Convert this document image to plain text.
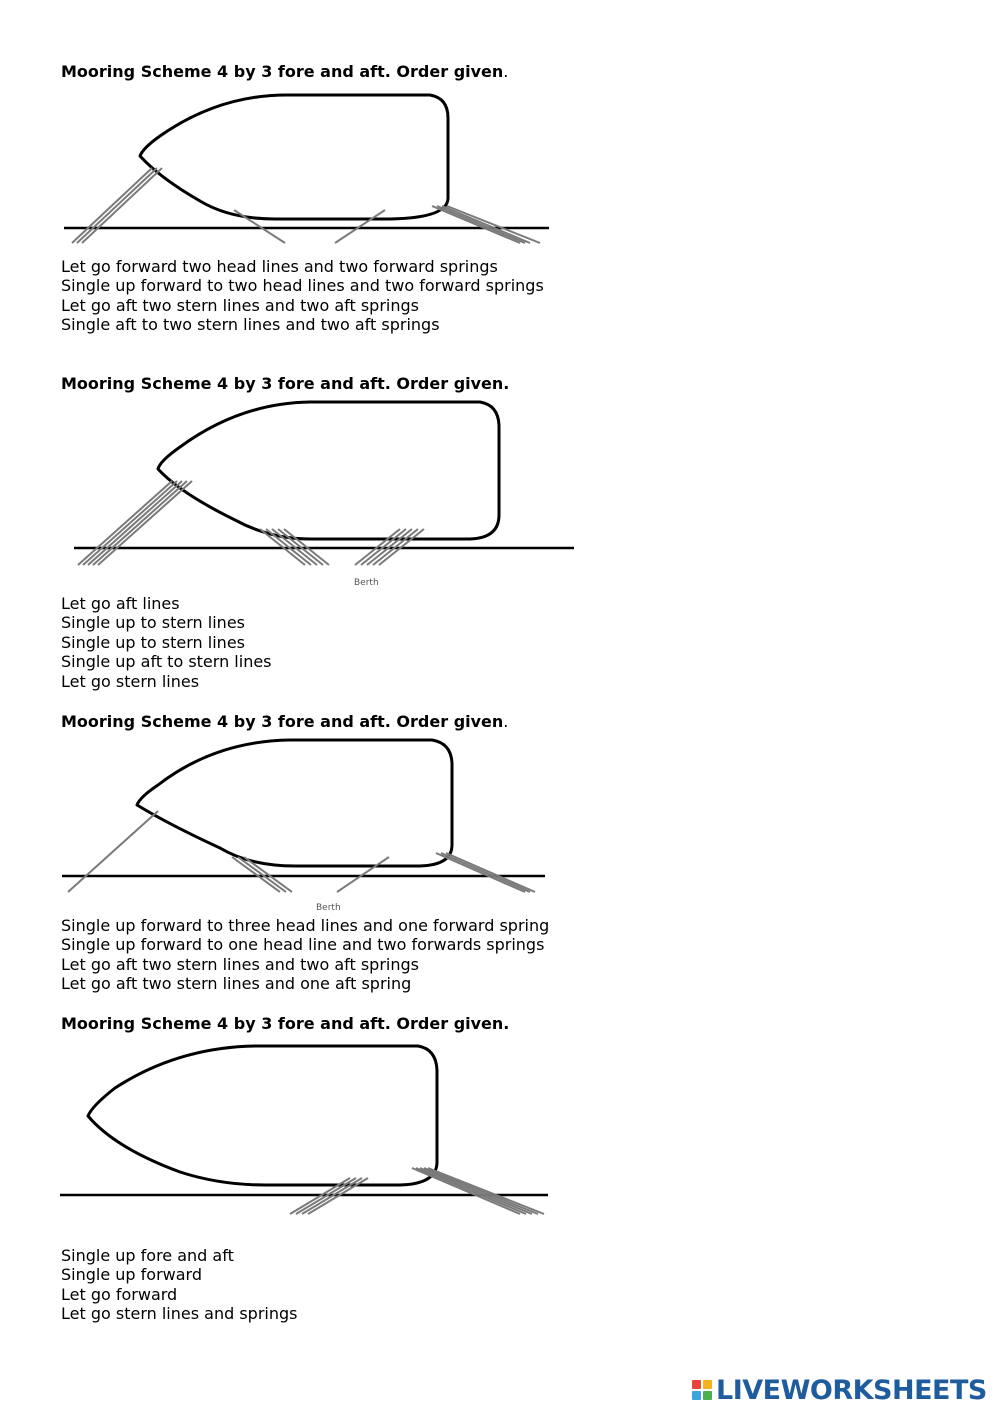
Mooring Scheme 4 by 3 fore and aft. Order given.
Let go forward two head lines and two forward springs
Single up forward to two head lines and two forward springs
Let go aft two stern lines and two aft springs
Single aft to two stern lines and two aft springs
Mooring Scheme 4 by 3 fore and aft. Order given.
Berth
Let go aft lines
Single up to stern lines
Single up to stern lines
Single up aft to stern lines
Let go stern lines
Mooring Scheme 4 by 3 fore and aft. Order given.
Berth
Single up forward to three head lines and one forward spring
Single up forward to one head line and two forwards springs
Let go aft two stern lines and two aft springs
Let go aft two stern lines and one aft spring
Mooring Scheme 4 by 3 fore and aft. Order given.
Single up fore and aft
Single up forward
Let go forward
Let go stern lines and springs
LIVEWORKSHEETS
